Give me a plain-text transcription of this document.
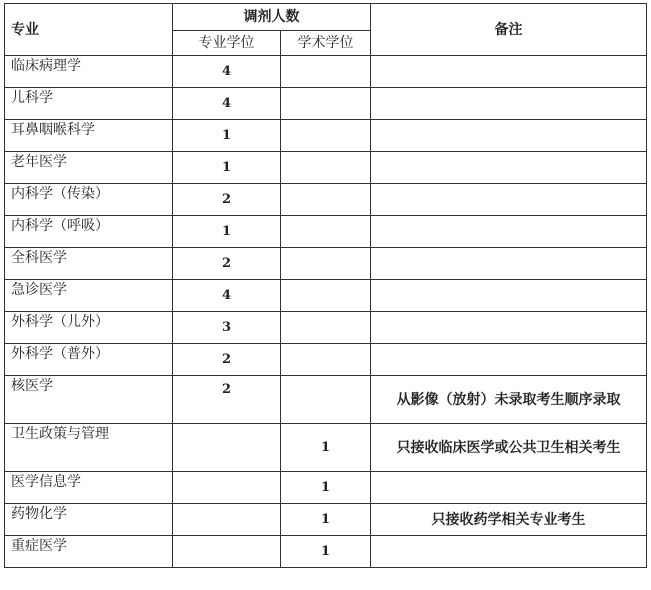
专业	调剂人数		备注
	专业学位	学术学位	
临床病理学	4		
儿科学	4		
耳鼻咽喉科学	1		
老年医学	1		
内科学（传染）	2		
内科学（呼吸）	1		
全科医学	2		
急诊医学	4		
外科学（儿外）	3		
外科学（普外）	2		
核医学	2		从影像（放射）未录取考生顺序录取
卫生政策与管理		1	只接收临床医学或公共卫生相关考生
医学信息学		1	
药物化学		1	只接收药学相关专业考生
重症医学		1	
